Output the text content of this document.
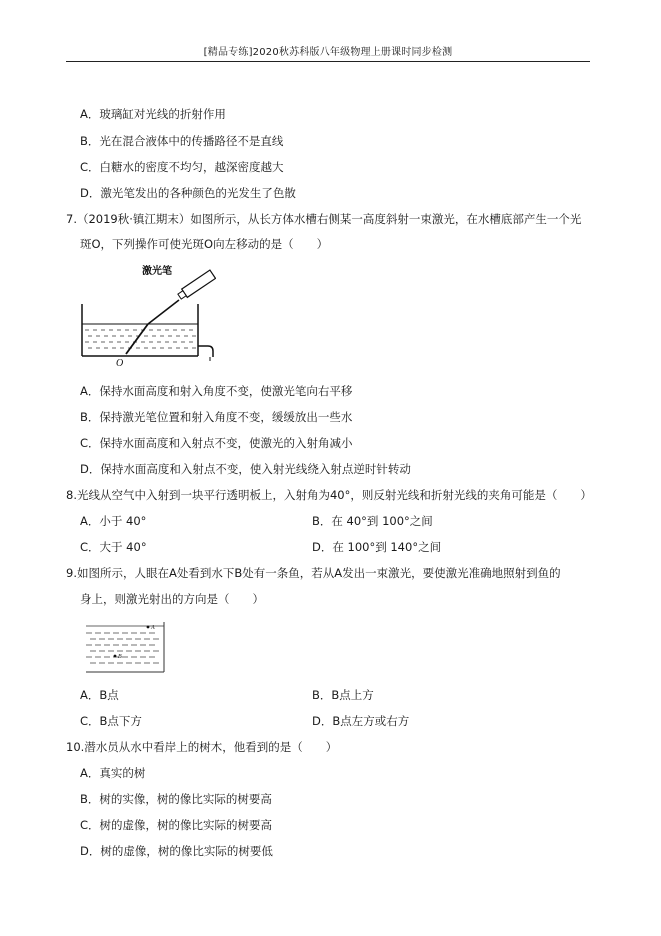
[精品专练]2020秋苏科版八年级物理上册课时同步检测
A．玻璃缸对光线的折射作用
B．光在混合液体中的传播路径不是直线
C．白糖水的密度不均匀，越深密度越大
D．激光笔发出的各种颜色的光发生了色散
7.（2019秋·镇江期末）如图所示，从长方体水槽右侧某一高度斜射一束激光，在水槽底部产生一个光
斑O，下列操作可使光斑O向左移动的是（　　）
激光笔
O
A．保持水面高度和射入角度不变，使激光笔向右平移
B．保持激光笔位置和射入角度不变，缓缓放出一些水
C．保持水面高度和入射点不变，使激光的入射角减小
D．保持水面高度和入射点不变，使入射光线绕入射点逆时针转动
8.光线从空气中入射到一块平行透明板上，入射角为40°，则反射光线和折射光线的夹角可能是（　　）
A．小于 40°	B．在 40°到 100°之间
C．大于 40°	D．在 100°到 140°之间
9.如图所示，人眼在A处看到水下B处有一条鱼，若从A发出一束激光，要使激光准确地照射到鱼的
身上，则激光射出的方向是（　　）
A
B
A．B点	B．B点上方
C．B点下方	D．B点左方或右方
10.潜水员从水中看岸上的树木，他看到的是（　　）
A．真实的树
B．树的实像，树的像比实际的树要高
C．树的虚像，树的像比实际的树要高
D．树的虚像，树的像比实际的树要低
